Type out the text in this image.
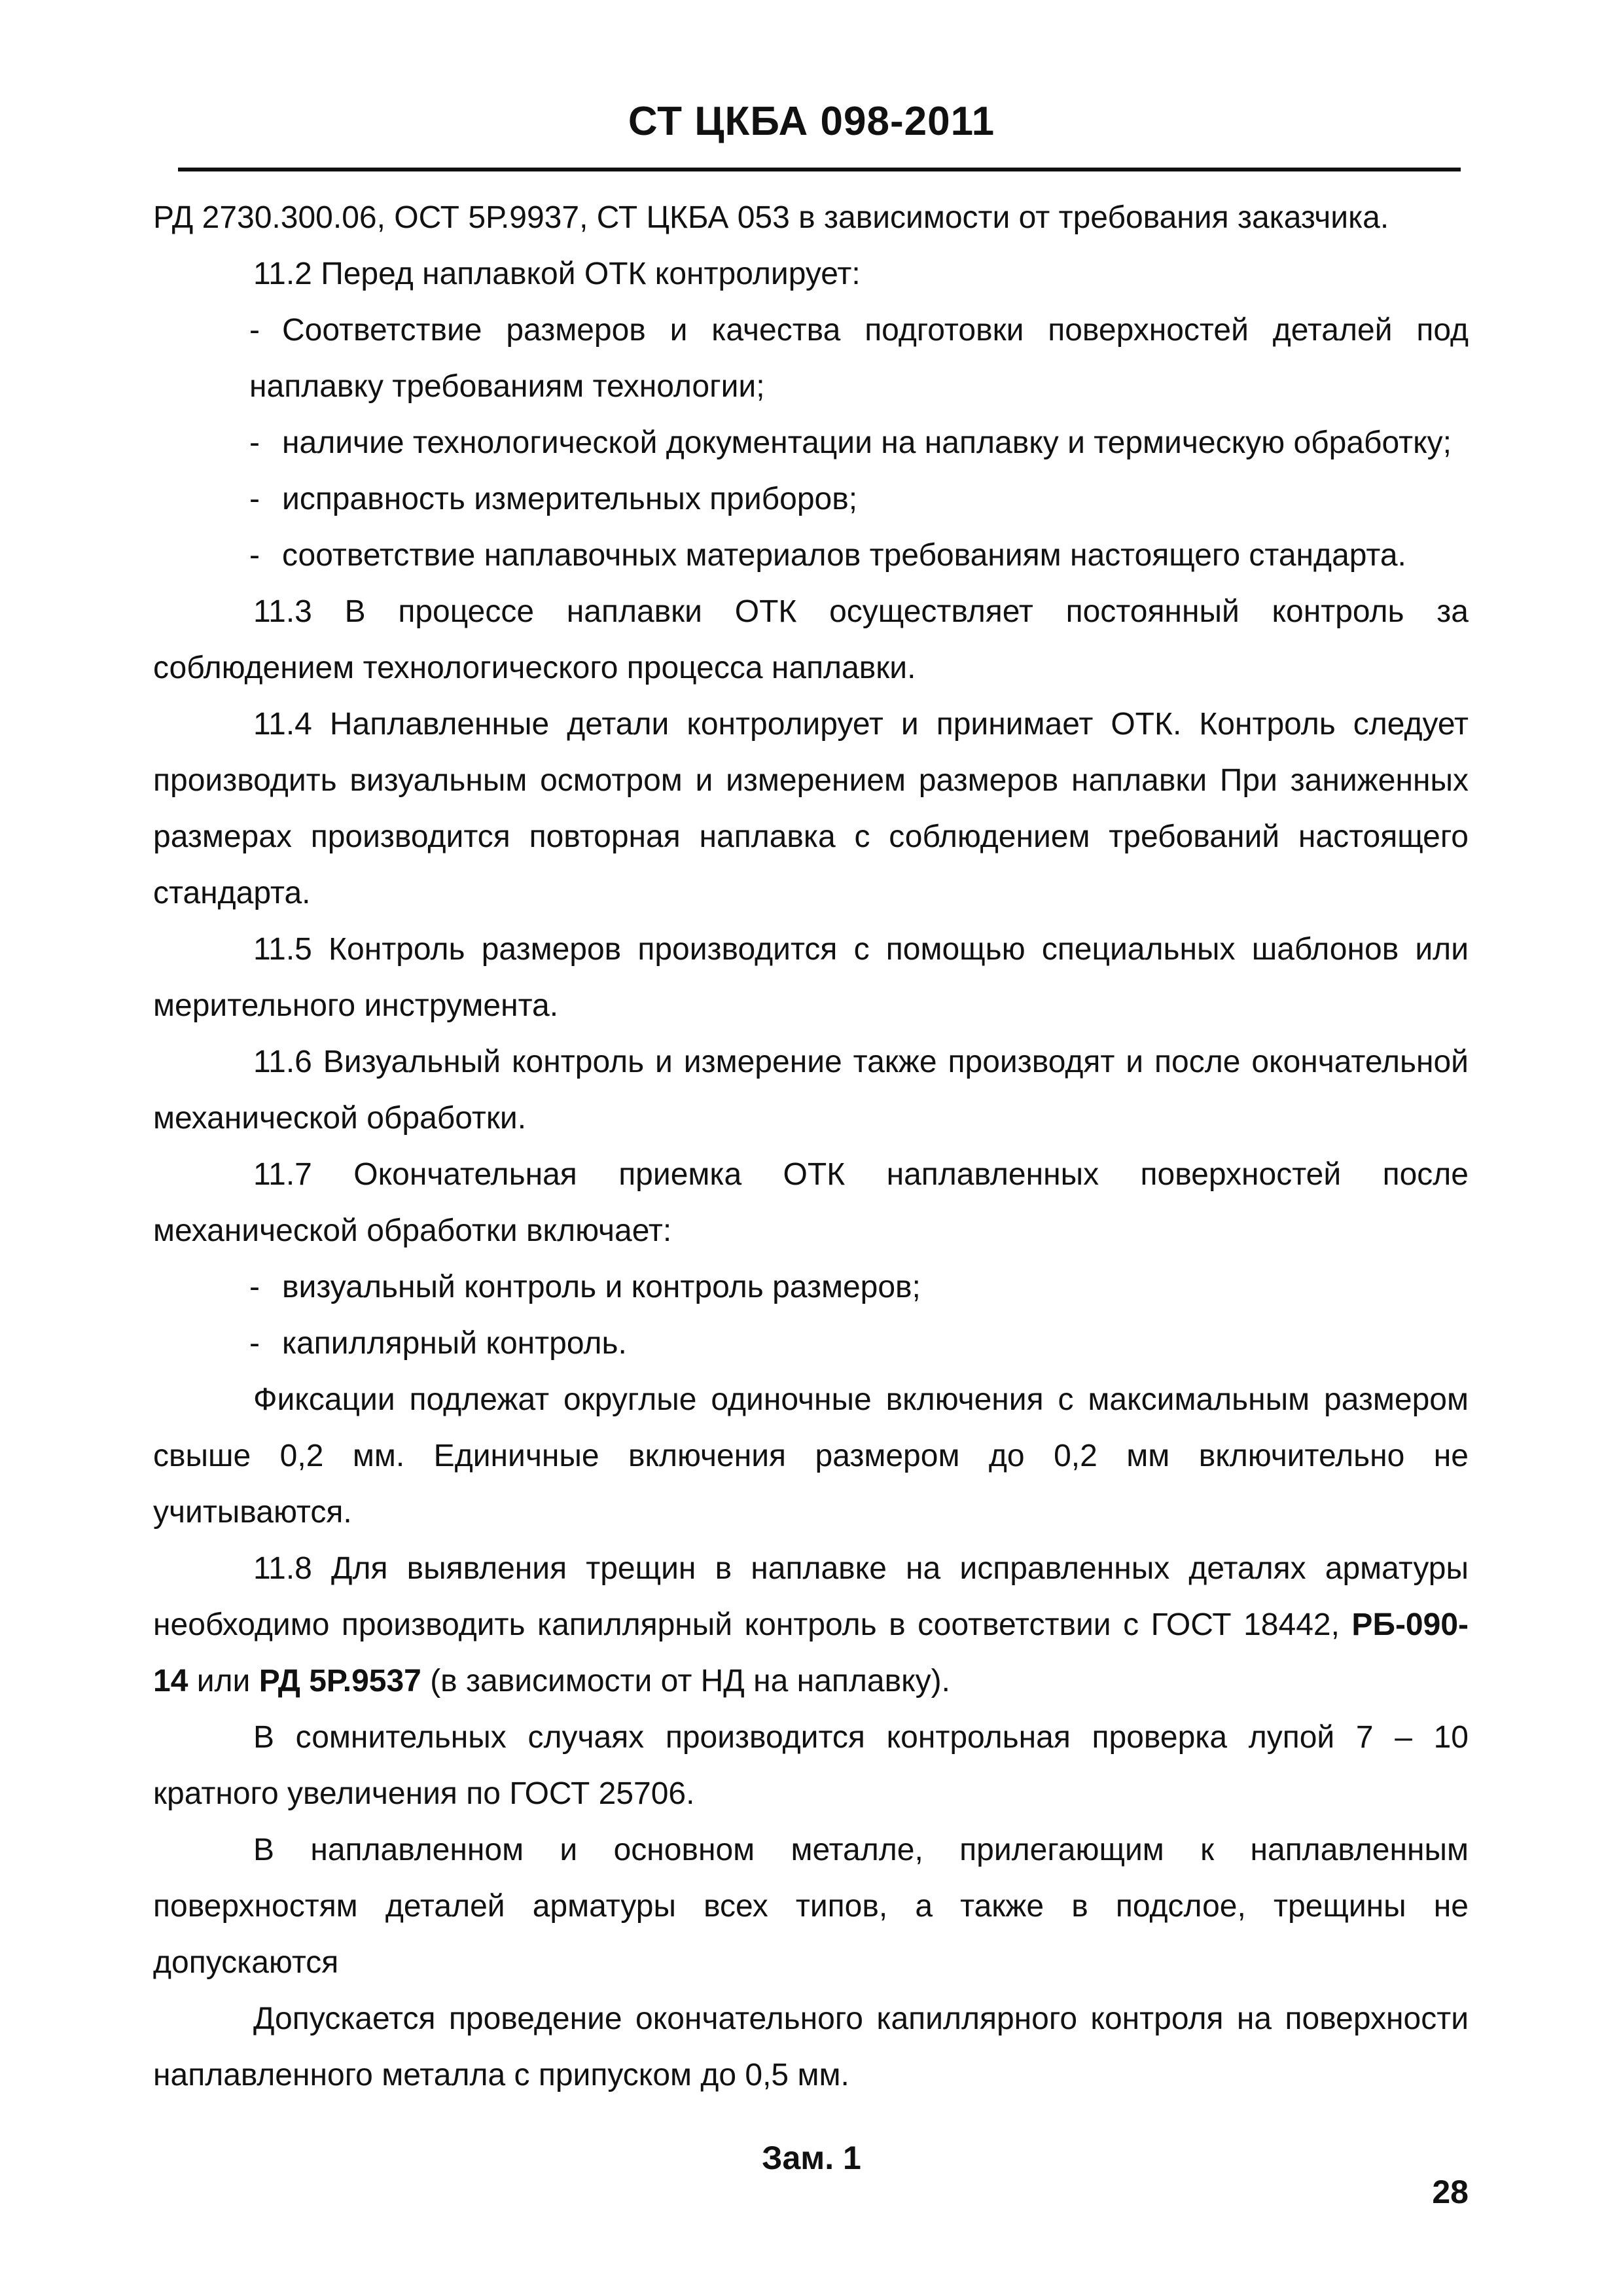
СТ ЦКБА 098-2011

РД 2730.300.06, ОСТ 5Р.9937, СТ ЦКБА 053 в зависимости от требования заказчика.

11.2 Перед наплавкой ОТК контролирует:

- Соответствие размеров и качества подготовки поверхностей деталей под наплавку требованиям технологии;

- наличие технологической документации на наплавку и термическую обработку;

- исправность измерительных приборов;

- соответствие наплавочных материалов требованиям настоящего стандарта.

11.3 В процессе наплавки ОТК осуществляет постоянный контроль за соблюдением технологического процесса наплавки.

11.4 Наплавленные детали контролирует и принимает ОТК. Контроль следует производить визуальным осмотром и измерением размеров наплавки При заниженных размерах производится повторная наплавка с соблюдением требований настоящего стандарта.

11.5 Контроль размеров производится с помощью специальных шаблонов или мерительного инструмента.

11.6 Визуальный контроль и измерение также производят и после окончательной механической обработки.

11.7 Окончательная приемка ОТК наплавленных поверхностей после механической обработки включает:

- визуальный контроль и контроль размеров;

- капиллярный контроль.

Фиксации подлежат округлые одиночные включения с максимальным размером свыше 0,2 мм. Единичные включения размером до 0,2 мм включительно не учитываются.

11.8 Для выявления трещин в наплавке на исправленных деталях арматуры необходимо производить капиллярный контроль в соответствии с ГОСТ 18442, РБ-090-14 или РД 5Р.9537 (в зависимости от НД на наплавку).

В сомнительных случаях производится контрольная проверка лупой 7 – 10 кратного увеличения по ГОСТ 25706.

В наплавленном и основном металле, прилегающим к наплавленным поверхностям деталей арматуры всех типов, а также в подслое, трещины не допускаются

Допускается проведение окончательного капиллярного контроля на поверхности наплавленного металла с припуском до 0,5 мм.

Зам. 1
28
